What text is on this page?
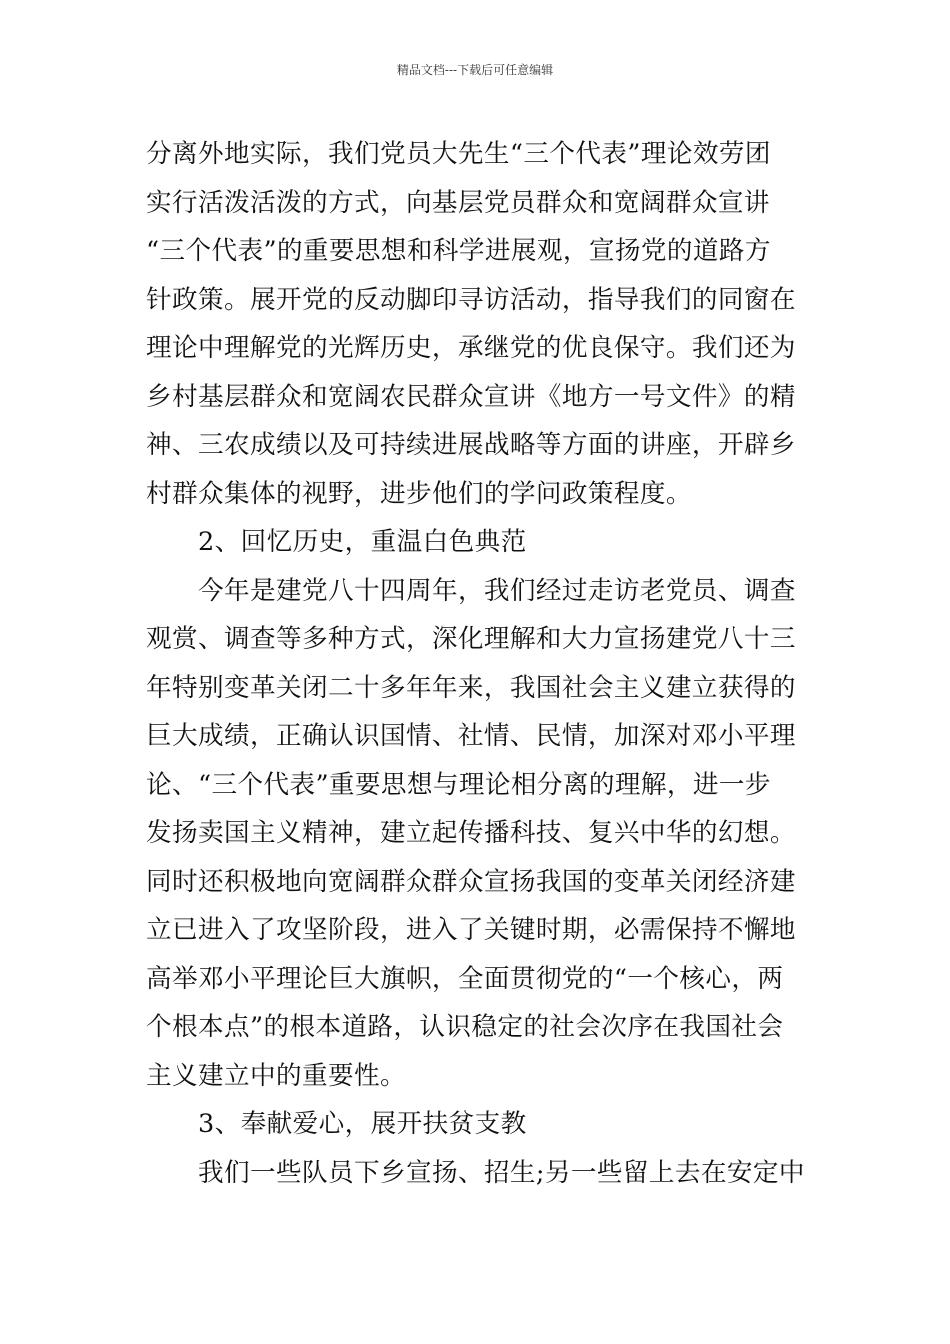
精品文档---下载后可任意编辑
分离外地实际，我们党员大先生“三个代表”理论效劳团
实行活泼活泼的方式，向基层党员群众和宽阔群众宣讲
“三个代表”的重要思想和科学进展观，宣扬党的道路方
针政策。展开党的反动脚印寻访活动，指导我们的同窗在
理论中理解党的光辉历史，承继党的优良保守。我们还为
乡村基层群众和宽阔农民群众宣讲《地方一号文件》的精
神、三农成绩以及可持续进展战略等方面的讲座，开辟乡
村群众集体的视野，进步他们的学问政策程度。
2、回忆历史，重温白色典范
今年是建党八十四周年，我们经过走访老党员、调查
观赏、调查等多种方式，深化理解和大力宣扬建党八十三
年特别变革关闭二十多年年来，我国社会主义建立获得的
巨大成绩，正确认识国情、社情、民情，加深对邓小平理
论、“三个代表”重要思想与理论相分离的理解，进一步
发扬卖国主义精神，建立起传播科技、复兴中华的幻想。
同时还积极地向宽阔群众群众宣扬我国的变革关闭经济建
立已进入了攻坚阶段，进入了关键时期，必需保持不懈地
高举邓小平理论巨大旗帜，全面贯彻党的“一个核心，两
个根本点”的根本道路，认识稳定的社会次序在我国社会
主义建立中的重要性。
3、奉献爱心，展开扶贫支教
我们一些队员下乡宣扬、招生;另一些留上去在安定中
